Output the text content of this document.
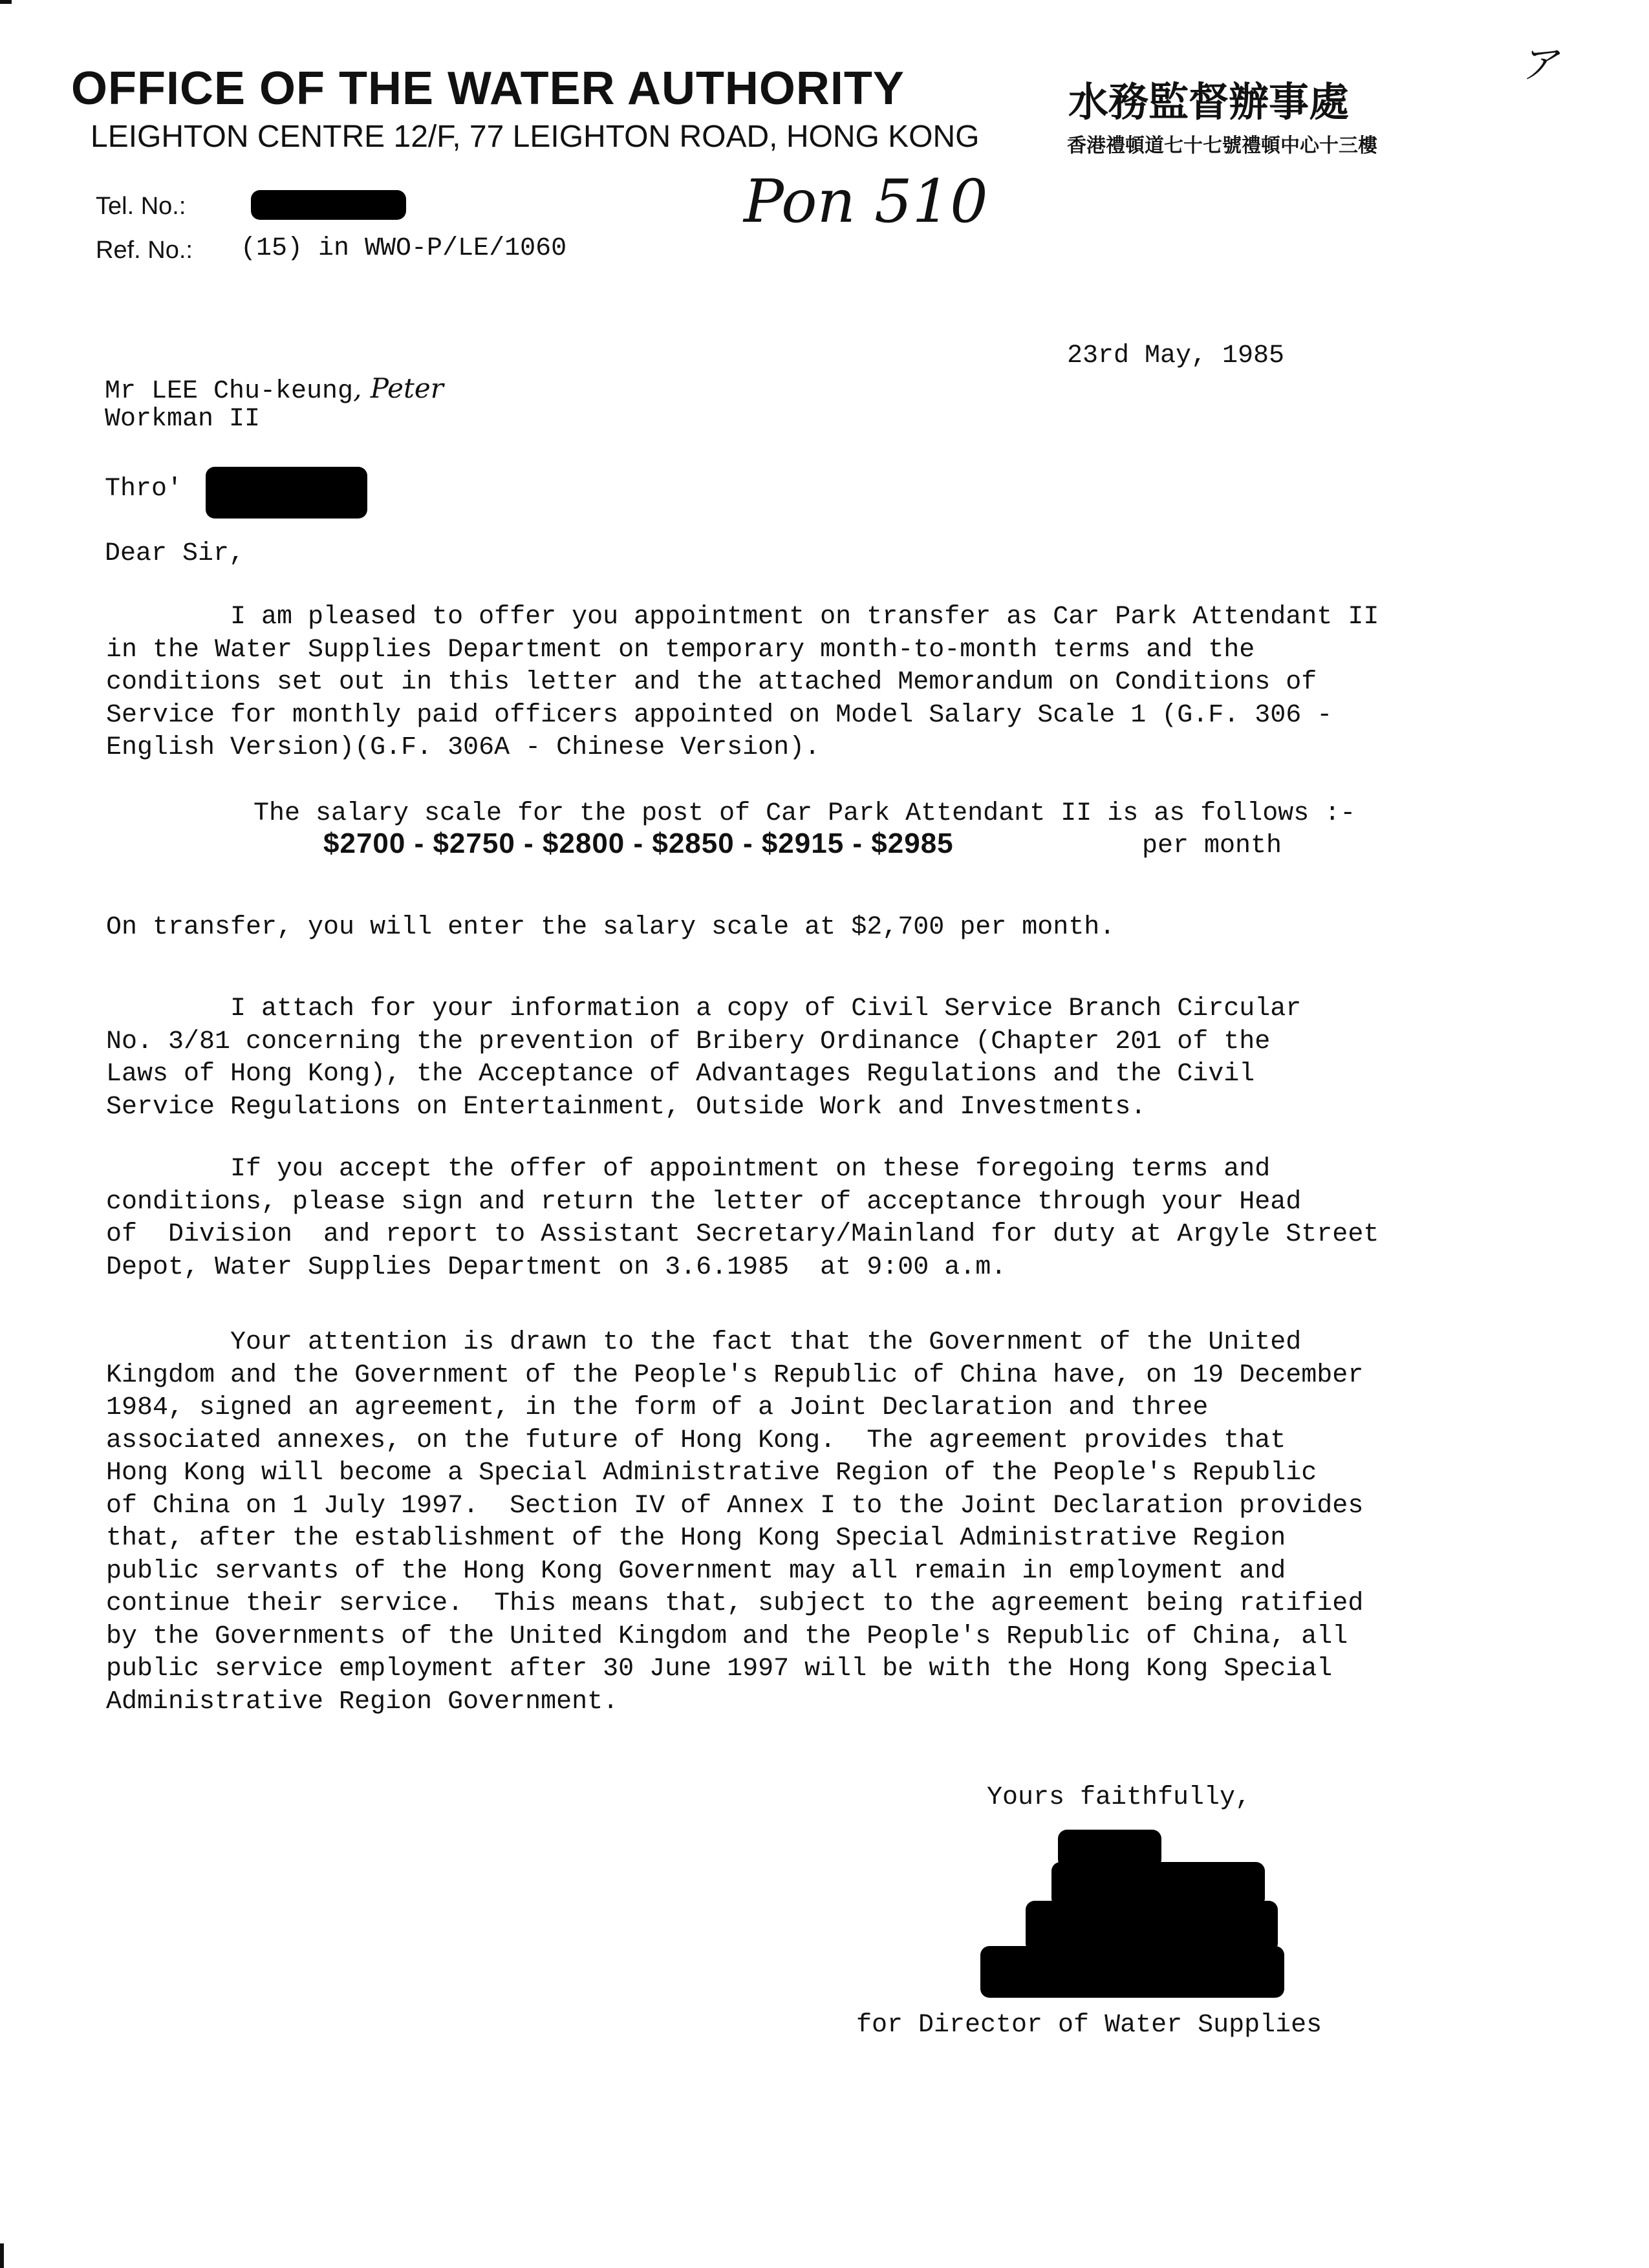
ア
OFFICE OF THE WATER AUTHORITY	水務監督辦事處
LEIGHTON CENTRE 12/F, 77 LEIGHTON ROAD, HONG KONG	香港禮頓道七十七號禮頓中心十三樓
Tel. No.:
Ref. No.: (15) in WWO-P/LE/1060
Pon 510
23rd May, 1985
Mr LEE Chu-keung, Peter
Workman II
Thro'
Dear Sir,
I am pleased to offer you appointment on transfer as Car Park Attendant II
in the Water Supplies Department on temporary month-to-month terms and the
conditions set out in this letter and the attached Memorandum on Conditions of
Service for monthly paid officers appointed on Model Salary Scale 1 (G.F. 306 -
English Version)(G.F. 306A - Chinese Version).
The salary scale for the post of Car Park Attendant II is as follows :-
$2700 - $2750 - $2800 - $2850 - $2915 - $2985	per month
On transfer, you will enter the salary scale at $2,700 per month.
I attach for your information a copy of Civil Service Branch Circular
No. 3/81 concerning the prevention of Bribery Ordinance (Chapter 201 of the
Laws of Hong Kong), the Acceptance of Advantages Regulations and the Civil
Service Regulations on Entertainment, Outside Work and Investments.
If you accept the offer of appointment on these foregoing terms and
conditions, please sign and return the letter of acceptance through your Head
of  Division  and report to Assistant Secretary/Mainland for duty at Argyle Street
Depot, Water Supplies Department on 3.6.1985  at 9:00 a.m.
Your attention is drawn to the fact that the Government of the United
Kingdom and the Government of the People's Republic of China have, on 19 December
1984, signed an agreement, in the form of a Joint Declaration and three
associated annexes, on the future of Hong Kong.  The agreement provides that
Hong Kong will become a Special Administrative Region of the People's Republic
of China on 1 July 1997.  Section IV of Annex I to the Joint Declaration provides
that, after the establishment of the Hong Kong Special Administrative Region
public servants of the Hong Kong Government may all remain in employment and
continue their service.  This means that, subject to the agreement being ratified
by the Governments of the United Kingdom and the People's Republic of China, all
public service employment after 30 June 1997 will be with the Hong Kong Special
Administrative Region Government.
Yours faithfully,
for Director of Water Supplies
